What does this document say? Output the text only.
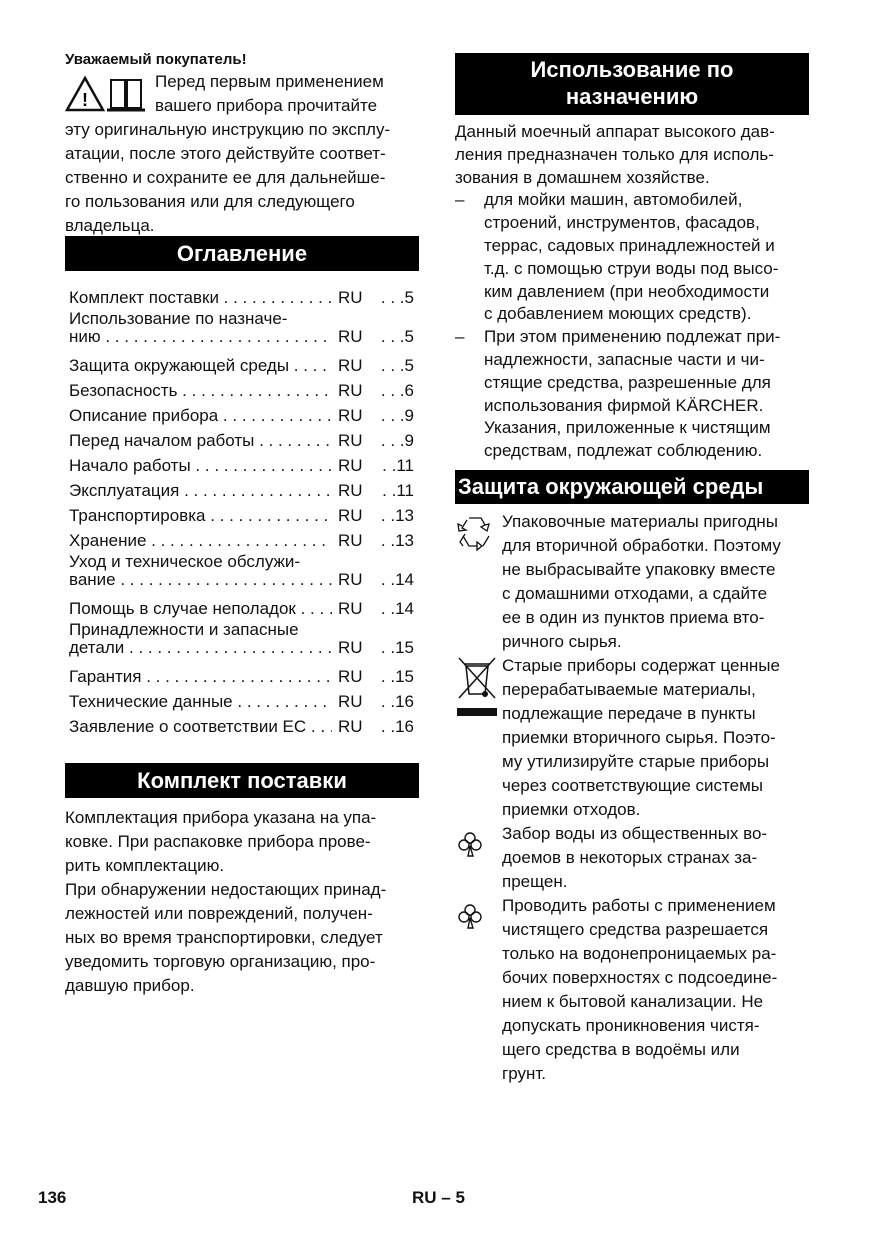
Уважаемый покупатель!
!
Перед первым применением
вашего прибора прочитайте
эту оригинальную инструкцию по эксплу-
атации, после этого действуйте соответ-
ственно и сохраните ее для дальнейше-
го пользования или для следующего
владельца.
Оглавление
Комплект поставки . . .	RU	. . . 5
Использование по назначе-
нию . . .	RU	. . . 5
Защита окружающей среды . . .	RU	. . . 5
Безопасность . . .	RU	. . . 6
Описание прибора . . .	RU	. . . 9
Перед началом работы . . .	RU	. . . 9
Начало работы . . .	RU	. . 11
Эксплуатация . . .	RU	. . 11
Транспортировка . . .	RU	. . 13
Хранение . . .	RU	. . 13
Уход и техническое обслужи-
вание . . .	RU	. . 14
Помощь в случае неполадок . . .	RU	. . 14
Принадлежности и запасные
детали . . .	RU	. . 15
Гарантия . . .	RU	. . 15
Технические данные . . .	RU	. . 16
Заявление о соответствии ЕС . . .	RU	. . 16
Комплект поставки
Комплектация прибора указана на упа-
ковке. При распаковке прибора прове-
рить комплектацию.
При обнаружении недостающих принад-
лежностей или повреждений, получен-
ных во время транспортировки, следует
уведомить торговую организацию, про-
давшую прибор.
Использование по
назначению
Данный моечный аппарат высокого дав-
ления предназначен только для исполь-
зования в домашнем хозяйстве.
– для мойки машин, автомобилей,
строений, инструментов, фасадов,
террас, садовых принадлежностей и
т.д. с помощью струи воды под высо-
ким давлением (при необходимости
с добавлением моющих средств).
– При этом применению подлежат при-
надлежности, запасные части и чи-
стящие средства, разрешенные для
использования фирмой KÄRCHER.
Указания, приложенные к чистящим
средствам, подлежат соблюдению.
Защита окружающей среды
Упаковочные материалы пригодны
для вторичной обработки. Поэтому
не выбрасывайте упаковку вместе
с домашними отходами, а сдайте
ее в один из пунктов приема вто-
ричного сырья.
Старые приборы содержат ценные
перерабатываемые материалы,
подлежащие передаче в пункты
приемки вторичного сырья. Поэто-
му утилизируйте старые приборы
через соответствующие системы
приемки отходов.
Забор воды из общественных во-
доемов в некоторых странах за-
прещен.
Проводить работы с применением
чистящего средства разрешается
только на водонепроницаемых ра-
бочих поверхностях с подсоедине-
нием к бытовой канализации. Не
допускать проникновения чистя-
щего средства в водоёмы или
грунт.
136	RU – 5
